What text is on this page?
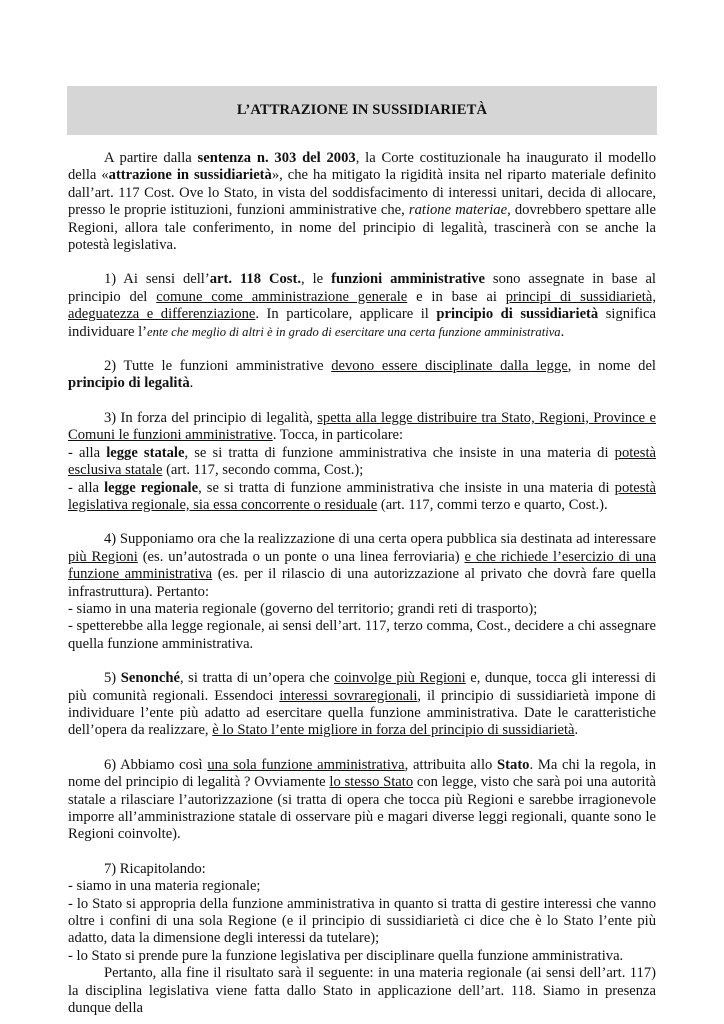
L’ATTRAZIONE IN SUSSIDIARIETÀ

A partire dalla sentenza n. 303 del 2003, la Corte costituzionale ha inaugurato il modello della «attrazione in sussidiarietà», che ha mitigato la rigidità insita nel riparto materiale definito dall’art. 117 Cost. Ove lo Stato, in vista del soddisfacimento di interessi unitari, decida di allocare, presso le proprie istituzioni, funzioni amministrative che, ratione materiae, dovrebbero spettare alle Regioni, allora tale conferimento, in nome del principio di legalità, trascinerà con se anche la potestà legislativa.

1) Ai sensi dell’art. 118 Cost., le funzioni amministrative sono assegnate in base al principio del comune come amministrazione generale e in base ai principi di sussidiarietà, adeguatezza e differenziazione. In particolare, applicare il principio di sussidiarietà significa individuare l’ente che meglio di altri è in grado di esercitare una certa funzione amministrativa.

2) Tutte le funzioni amministrative devono essere disciplinate dalla legge, in nome del principio di legalità.

3) In forza del principio di legalità, spetta alla legge distribuire tra Stato, Regioni, Province e Comuni le funzioni amministrative. Tocca, in particolare:

- alla legge statale, se si tratta di funzione amministrativa che insiste in una materia di potestà esclusiva statale (art. 117, secondo comma, Cost.);

- alla legge regionale, se si tratta di funzione amministrativa che insiste in una materia di potestà legislativa regionale, sia essa concorrente o residuale (art. 117, commi terzo e quarto, Cost.).

4) Supponiamo ora che la realizzazione di una certa opera pubblica sia destinata ad interessare più Regioni (es. un’autostrada o un ponte o una linea ferroviaria) e che richiede l’esercizio di una funzione amministrativa (es. per il rilascio di una autorizzazione al privato che dovrà fare quella infrastruttura). Pertanto:

- siamo in una materia regionale (governo del territorio; grandi reti di trasporto);

- spetterebbe alla legge regionale, ai sensi dell’art. 117, terzo comma, Cost., decidere a chi assegnare quella funzione amministrativa.

5) Senonché, si tratta di un’opera che coinvolge più Regioni e, dunque, tocca gli interessi di più comunità regionali. Essendoci interessi sovraregionali, il principio di sussidiarietà impone di individuare l’ente più adatto ad esercitare quella funzione amministrativa. Date le caratteristiche dell’opera da realizzare, è lo Stato l’ente migliore in forza del principio di sussidiarietà.

6) Abbiamo così una sola funzione amministrativa, attribuita allo Stato. Ma chi la regola, in nome del principio di legalità ? Ovviamente lo stesso Stato con legge, visto che sarà poi una autorità statale a rilasciare l’autorizzazione (si tratta di opera che tocca più Regioni e sarebbe irragionevole imporre all’amministrazione statale di osservare più e magari diverse leggi regionali, quante sono le Regioni coinvolte).

7) Ricapitolando:

- siamo in una materia regionale;

- lo Stato si appropria della funzione amministrativa in quanto si tratta di gestire interessi che vanno oltre i confini di una sola Regione (e il principio di sussidiarietà ci dice che è lo Stato l’ente più adatto, data la dimensione degli interessi da tutelare);

- lo Stato si prende pure la funzione legislativa per disciplinare quella funzione amministrativa.

Pertanto, alla fine il risultato sarà il seguente: in una materia regionale (ai sensi dell’art. 117) la disciplina legislativa viene fatta dallo Stato in applicazione dell’art. 118. Siamo in presenza dunque della
